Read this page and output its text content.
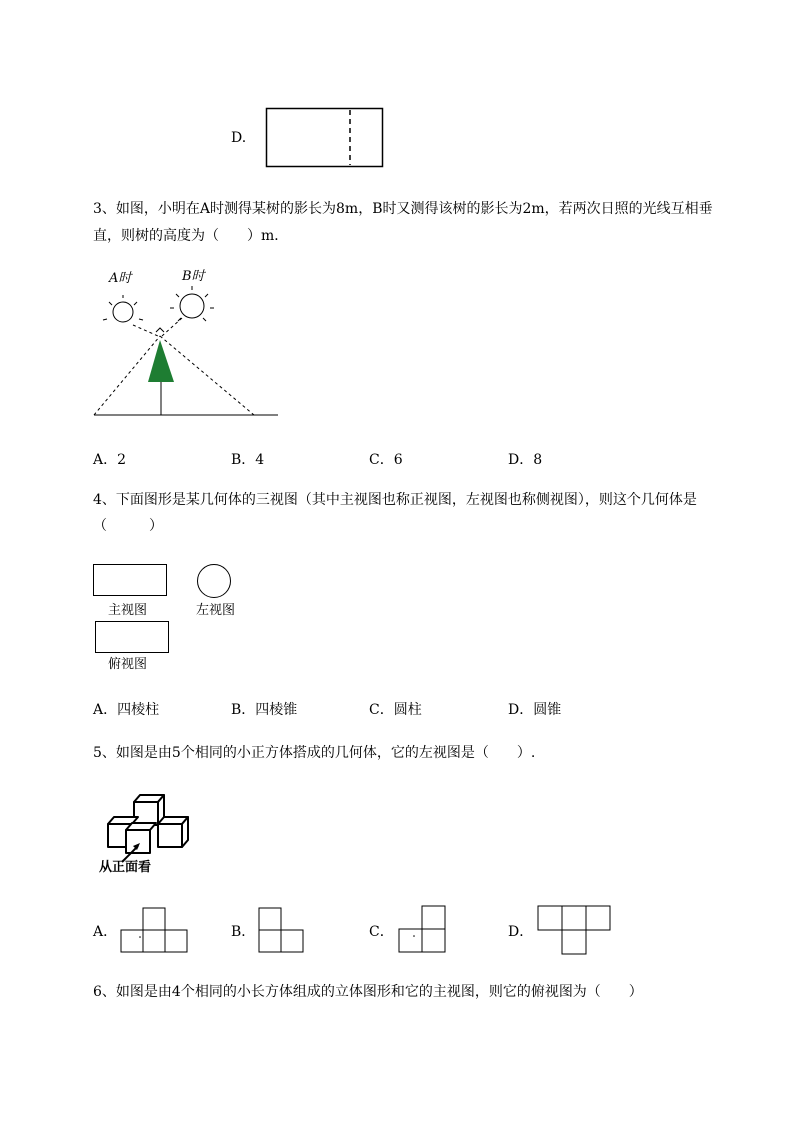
D.
3、如图，小明在A时测得某树的影长为8m，B时又测得该树的影长为2m，若两次日照的光线互相垂
直，则树的高度为（　　）m．
A时	B时
A．2	B．4	C．6	D．8
4、下面图形是某几何体的三视图（其中主视图也称正视图，左视图也称侧视图），则这个几何体是
（　　　）
主视图	左视图
俯视图
A．四棱柱	B．四棱锥	C．圆柱	D．圆锥
5、如图是由5个相同的小正方体搭成的几何体，它的左视图是（　　）.
从正面看
A．	B．	C．	D．
6、如图是由4个相同的小长方体组成的立体图形和它的主视图，则它的俯视图为（　　）
